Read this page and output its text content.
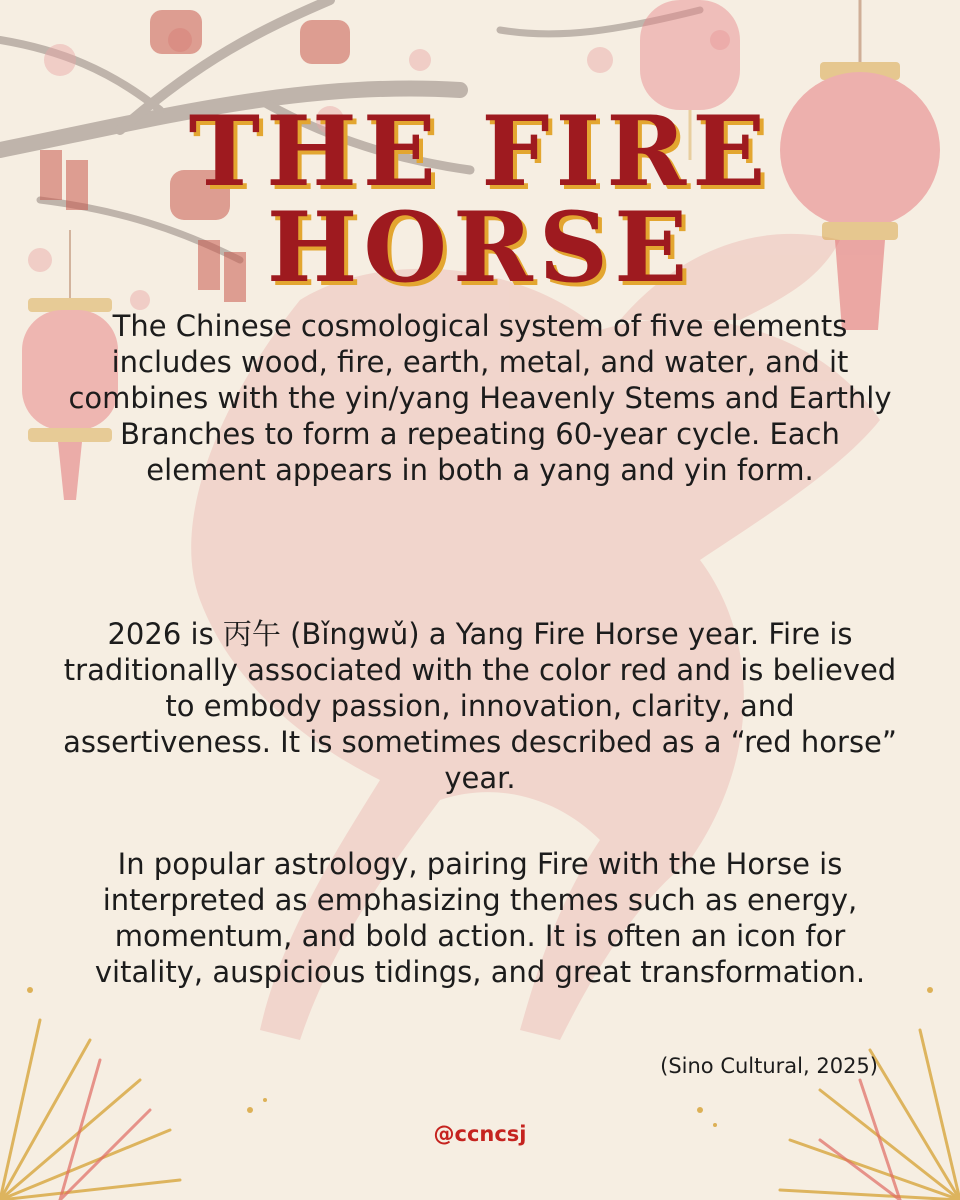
THE FIRE
HORSE

The Chinese cosmological system of five elements includes wood, fire, earth, metal, and water, and it combines with the yin/yang Heavenly Stems and Earthly Branches to form a repeating 60-year cycle. Each element appears in both a yang and yin form.

2026 is 丙午 (Bǐngwǔ) a Yang Fire Horse year. Fire is traditionally associated with the color red and is believed to embody passion, innovation, clarity, and assertiveness. It is sometimes described as a “red horse” year.

In popular astrology, pairing Fire with the Horse is interpreted as emphasizing themes such as energy, momentum, and bold action. It is often an icon for vitality, auspicious tidings, and great transformation.

(Sino Cultural, 2025)

@ccncsj
